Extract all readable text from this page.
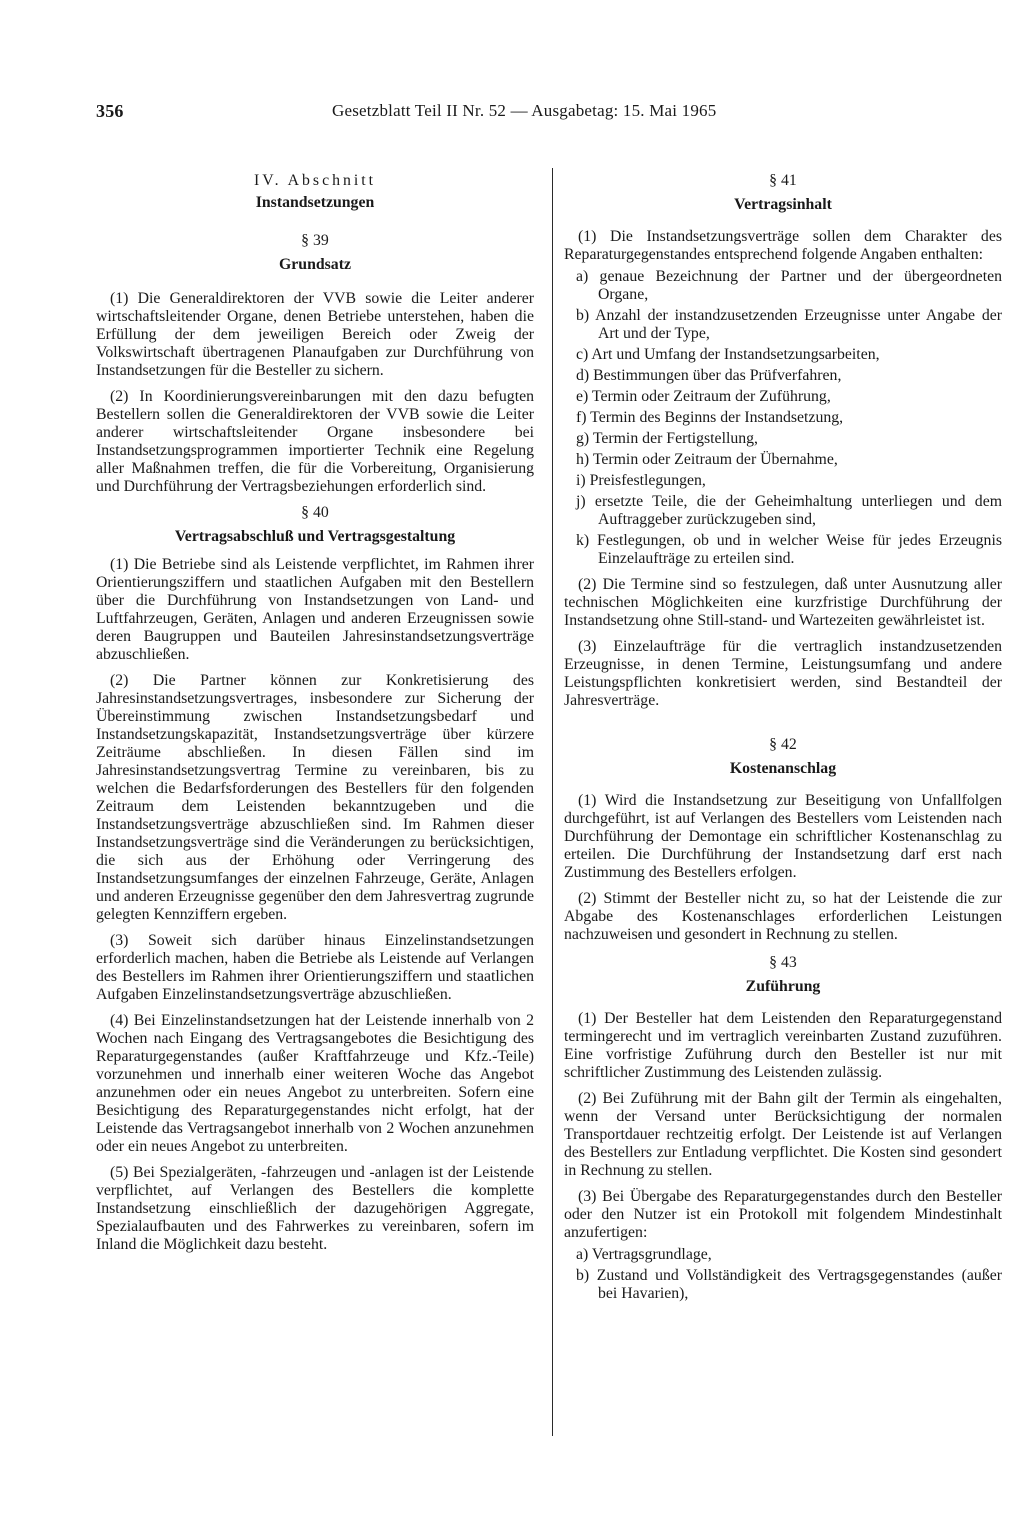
356	Gesetzblatt Teil II Nr. 52 — Ausgabetag: 15. Mai 1965
IV. Abschnitt
Instandsetzungen
§ 39
Grundsatz

(1) Die Generaldirektoren der VVB sowie die Leiter anderer wirtschaftsleitender Organe, denen Betriebe unterstehen, haben die Erfüllung der dem jeweiligen Bereich oder Zweig der Volkswirtschaft übertragenen Planaufgaben zur Durchführung von Instandsetzungen für die Besteller zu sichern.

(2) In Koordinierungsvereinbarungen mit den dazu befugten Bestellern sollen die Generaldirektoren der VVB sowie die Leiter anderer wirtschaftsleitender Organe insbesondere bei Instandsetzungsprogrammen importierter Technik eine Regelung aller Maßnahmen treffen, die für die Vorbereitung, Organisierung und Durchführung der Vertragsbeziehungen erforderlich sind.

§ 40
Vertragsabschluß und Vertragsgestaltung

(1) Die Betriebe sind als Leistende verpflichtet, im Rahmen ihrer Orientierungsziffern und staatlichen Aufgaben mit den Bestellern über die Durchführung von Instandsetzungen von Land- und Luftfahrzeugen, Geräten, Anlagen und anderen Erzeugnissen sowie deren Baugruppen und Bauteilen Jahresinstandsetzungsverträge abzuschließen.

(2) Die Partner können zur Konkretisierung des Jahresinstandsetzungsvertrages, insbesondere zur Sicherung der Übereinstimmung zwischen Instandsetzungsbedarf und Instandsetzungskapazität, Instandsetzungsverträge über kürzere Zeiträume abschließen. In diesen Fällen sind im Jahresinstandsetzungsvertrag Termine zu vereinbaren, bis zu welchen die Bedarfsforderungen des Bestellers für den folgenden Zeitraum dem Leistenden bekanntzugeben und die Instandsetzungsverträge abzuschließen sind. Im Rahmen dieser Instandsetzungsverträge sind die Veränderungen zu berücksichtigen, die sich aus der Erhöhung oder Verringerung des Instandsetzungsumfanges der einzelnen Fahrzeuge, Geräte, Anlagen und anderen Erzeugnisse gegenüber den dem Jahresvertrag zugrunde gelegten Kennziffern ergeben.

(3) Soweit sich darüber hinaus Einzelinstandsetzungen erforderlich machen, haben die Betriebe als Leistende auf Verlangen des Bestellers im Rahmen ihrer Orientierungsziffern und staatlichen Aufgaben Einzelinstandsetzungsverträge abzuschließen.

(4) Bei Einzelinstandsetzungen hat der Leistende innerhalb von 2 Wochen nach Eingang des Vertragsangebotes die Besichtigung des Reparaturgegenstandes (außer Kraftfahrzeuge und Kfz.-Teile) vorzunehmen und innerhalb einer weiteren Woche das Angebot anzunehmen oder ein neues Angebot zu unterbreiten. Sofern eine Besichtigung des Reparaturgegenstandes nicht erfolgt, hat der Leistende das Vertragsangebot innerhalb von 2 Wochen anzunehmen oder ein neues Angebot zu unterbreiten.

(5) Bei Spezialgeräten, -fahrzeugen und -anlagen ist der Leistende verpflichtet, auf Verlangen des Bestellers die komplette Instandsetzung einschließlich der dazugehörigen Aggregate, Spezialaufbauten und des Fahrwerkes zu vereinbaren, sofern im Inland die Möglichkeit dazu besteht.

§ 41
Vertragsinhalt

(1) Die Instandsetzungsverträge sollen dem Charakter des Reparaturgegenstandes entsprechend folgende Angaben enthalten:

a) genaue Bezeichnung der Partner und der übergeordneten Organe,
b) Anzahl der instandzusetzenden Erzeugnisse unter Angabe der Art und der Type,
c) Art und Umfang der Instandsetzungsarbeiten,
d) Bestimmungen über das Prüfverfahren,
e) Termin oder Zeitraum der Zuführung,
f) Termin des Beginns der Instandsetzung,
g) Termin der Fertigstellung,
h) Termin oder Zeitraum der Übernahme,
i) Preisfestlegungen,
j) ersetzte Teile, die der Geheimhaltung unterliegen und dem Auftraggeber zurückzugeben sind,
k) Festlegungen, ob und in welcher Weise für jedes Erzeugnis Einzelaufträge zu erteilen sind.

(2) Die Termine sind so festzulegen, daß unter Ausnutzung aller technischen Möglichkeiten eine kurzfristige Durchführung der Instandsetzung ohne Still-stand- und Wartezeiten gewährleistet ist.

(3) Einzelaufträge für die vertraglich instandzusetzenden Erzeugnisse, in denen Termine, Leistungsumfang und andere Leistungspflichten konkretisiert werden, sind Bestandteil der Jahresverträge.

§ 42
Kostenanschlag

(1) Wird die Instandsetzung zur Beseitigung von Unfallfolgen durchgeführt, ist auf Verlangen des Bestellers vom Leistenden nach Durchführung der Demontage ein schriftlicher Kostenanschlag zu erteilen. Die Durchführung der Instandsetzung darf erst nach Zustimmung des Bestellers erfolgen.

(2) Stimmt der Besteller nicht zu, so hat der Leistende die zur Abgabe des Kostenanschlages erforderlichen Leistungen nachzuweisen und gesondert in Rechnung zu stellen.

§ 43
Zuführung

(1) Der Besteller hat dem Leistenden den Reparaturgegenstand termingerecht und im vertraglich vereinbarten Zustand zuzuführen. Eine vorfristige Zuführung durch den Besteller ist nur mit schriftlicher Zustimmung des Leistenden zulässig.

(2) Bei Zuführung mit der Bahn gilt der Termin als eingehalten, wenn der Versand unter Berücksichtigung der normalen Transportdauer rechtzeitig erfolgt. Der Leistende ist auf Verlangen des Bestellers zur Entladung verpflichtet. Die Kosten sind gesondert in Rechnung zu stellen.

(3) Bei Übergabe des Reparaturgegenstandes durch den Besteller oder den Nutzer ist ein Protokoll mit folgendem Mindestinhalt anzufertigen:

a) Vertragsgrundlage,
b) Zustand und Vollständigkeit des Vertragsgegenstandes (außer bei Havarien),
